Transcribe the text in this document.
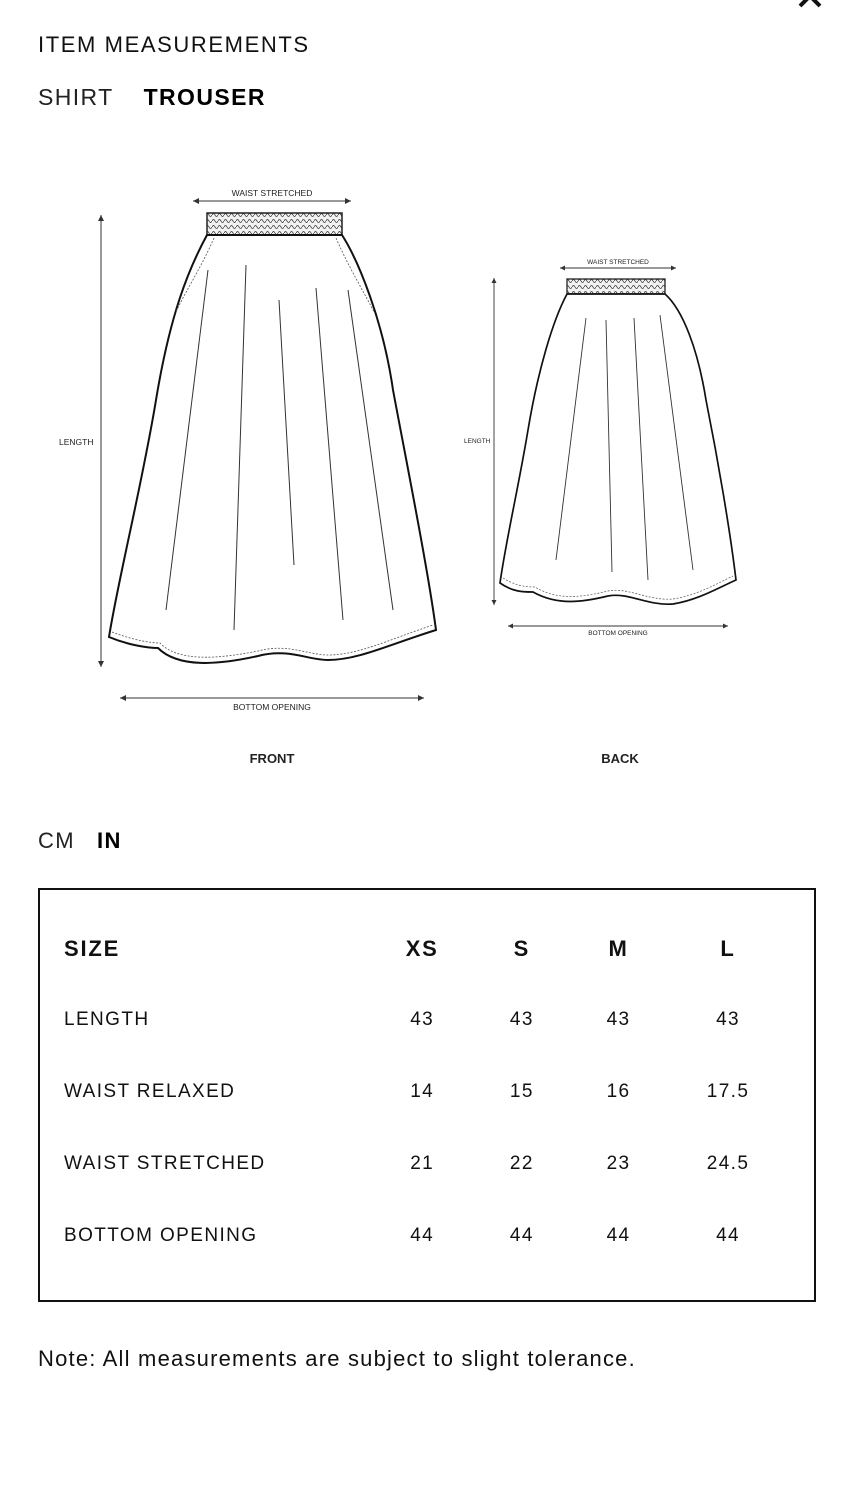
ITEM MEASUREMENTS
SHIRT TROUSER
WAIST STRETCHED
LENGTH
BOTTOM OPENING
FRONT
WAIST STRETCHED
LENGTH
BOTTOM OPENING
BACK
CM IN
SIZE	XS	S	M	L
LENGTH	43	43	43	43
WAIST RELAXED	14	15	16	17.5
WAIST STRETCHED	21	22	23	24.5
BOTTOM OPENING	44	44	44	44
Note: All measurements are subject to slight tolerance.
